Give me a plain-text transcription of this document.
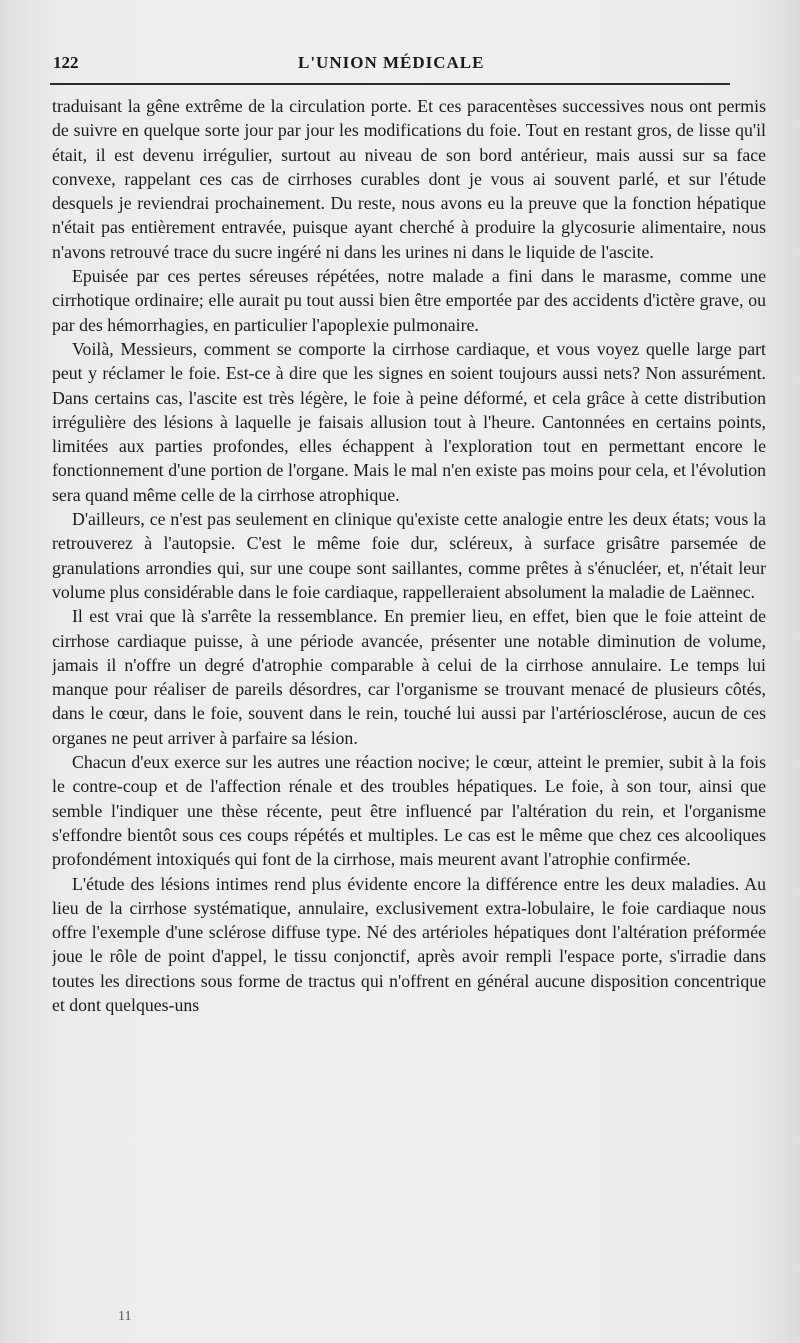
122	L'UNION MÉDICALE

traduisant la gêne extrême de la circulation porte. Et ces paracentèses successives nous ont permis de suivre en quelque sorte jour par jour les modifications du foie. Tout en restant gros, de lisse qu'il était, il est devenu irrégulier, surtout au niveau de son bord antérieur, mais aussi sur sa face convexe, rappelant ces cas de cirrhoses curables dont je vous ai souvent parlé, et sur l'étude desquels je reviendrai prochainement. Du reste, nous avons eu la preuve que la fonction hépatique n'était pas entièrement entravée, puisque ayant cherché à produire la glycosurie alimentaire, nous n'avons retrouvé trace du sucre ingéré ni dans les urines ni dans le liquide de l'ascite.

Epuisée par ces pertes séreuses répétées, notre malade a fini dans le marasme, comme une cirrhotique ordinaire; elle aurait pu tout aussi bien être emportée par des accidents d'ictère grave, ou par des hémorrhagies, en particulier l'apoplexie pulmonaire.

Voilà, Messieurs, comment se comporte la cirrhose cardiaque, et vous voyez quelle large part peut y réclamer le foie. Est-ce à dire que les signes en soient toujours aussi nets? Non assurément. Dans certains cas, l'ascite est très légère, le foie à peine déformé, et cela grâce à cette distribution irrégulière des lésions à laquelle je faisais allusion tout à l'heure. Cantonnées en certains points, limitées aux parties profondes, elles échappent à l'exploration tout en permettant encore le fonctionnement d'une portion de l'organe. Mais le mal n'en existe pas moins pour cela, et l'évolution sera quand même celle de la cirrhose atrophique.

D'ailleurs, ce n'est pas seulement en clinique qu'existe cette analogie entre les deux états; vous la retrouverez à l'autopsie. C'est le même foie dur, scléreux, à surface grisâtre parsemée de granulations arrondies qui, sur une coupe sont saillantes, comme prêtes à s'énucléer, et, n'était leur volume plus considérable dans le foie cardiaque, rappelleraient absolument la maladie de Laënnec.

Il est vrai que là s'arrête la ressemblance. En premier lieu, en effet, bien que le foie atteint de cirrhose cardiaque puisse, à une période avancée, présenter une notable diminution de volume, jamais il n'offre un degré d'atrophie comparable à celui de la cirrhose annulaire. Le temps lui manque pour réaliser de pareils désordres, car l'organisme se trouvant menacé de plusieurs côtés, dans le cœur, dans le foie, souvent dans le rein, touché lui aussi par l'artériosclérose, aucun de ces organes ne peut arriver à parfaire sa lésion.

Chacun d'eux exerce sur les autres une réaction nocive; le cœur, atteint le premier, subit à la fois le contre-coup et de l'affection rénale et des troubles hépatiques. Le foie, à son tour, ainsi que semble l'indiquer une thèse récente, peut être influencé par l'altération du rein, et l'organisme s'effondre bientôt sous ces coups répétés et multiples. Le cas est le même que chez ces alcooliques profondément intoxiqués qui font de la cirrhose, mais meurent avant l'atrophie confirmée.

L'étude des lésions intimes rend plus évidente encore la différence entre les deux maladies. Au lieu de la cirrhose systématique, annulaire, exclusivement extra-lobulaire, le foie cardiaque nous offre l'exemple d'une sclérose diffuse type. Né des artérioles hépatiques dont l'altération préformée joue le rôle de point d'appel, le tissu conjonctif, après avoir rempli l'espace porte, s'irradie dans toutes les directions sous forme de tractus qui n'offrent en général aucune disposition concentrique et dont quelques-uns

11
